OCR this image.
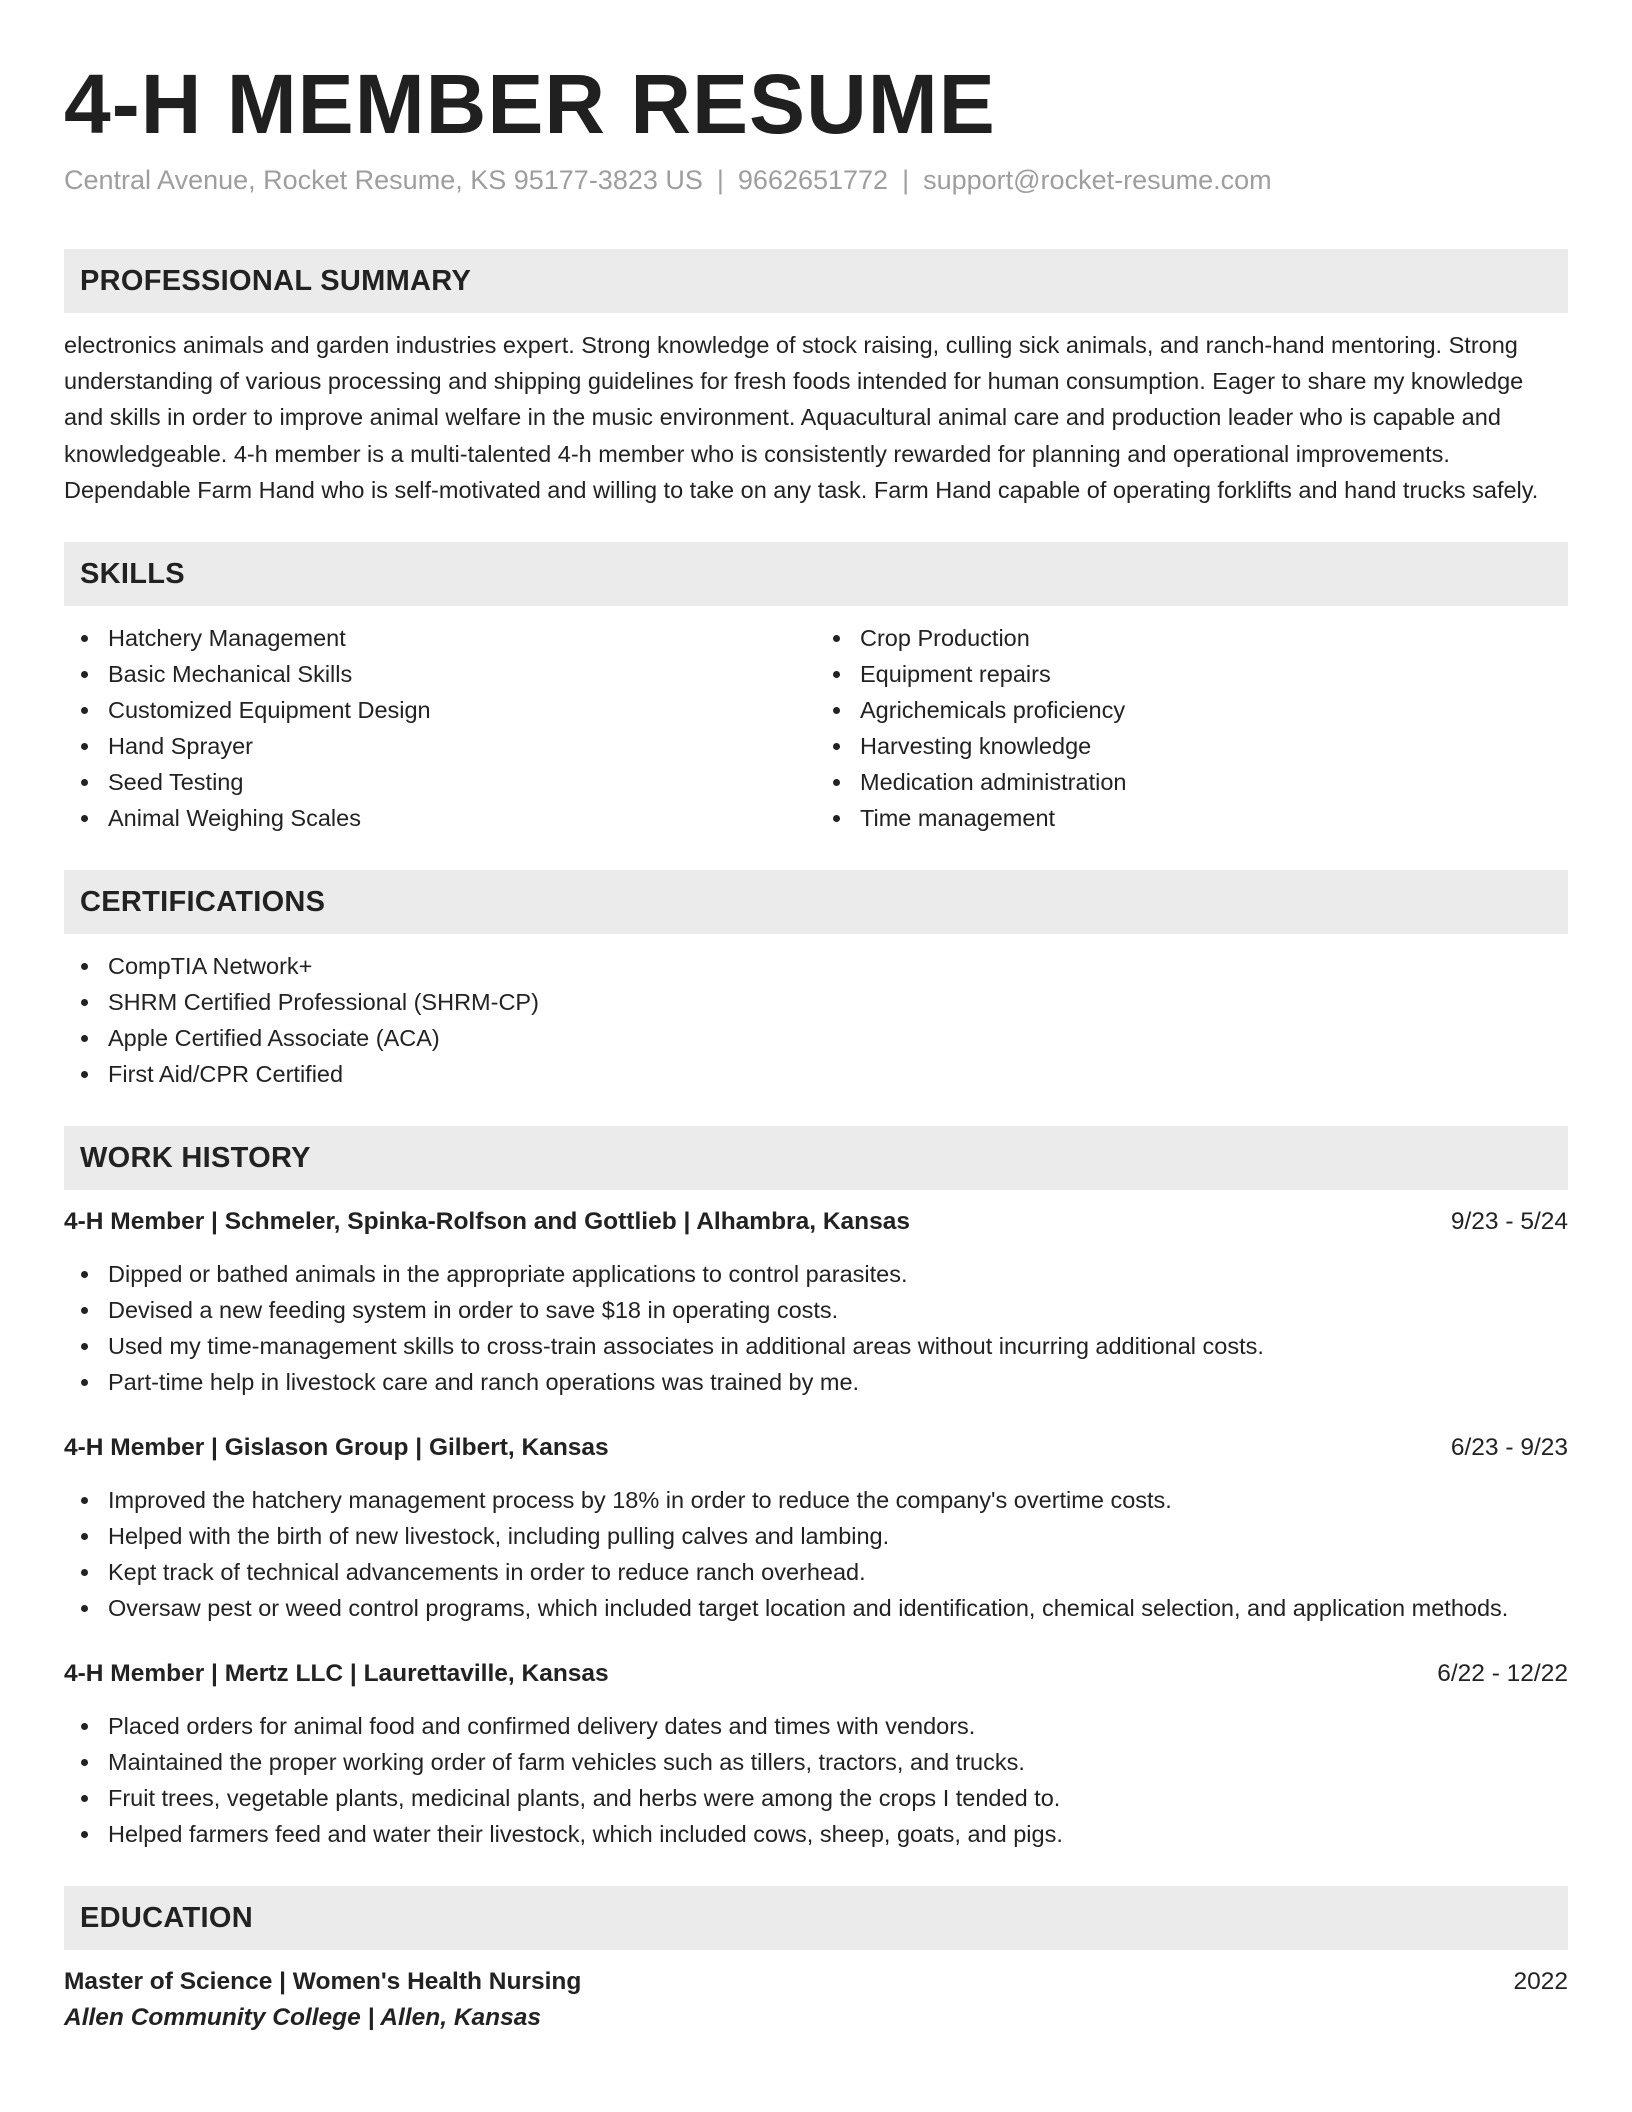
4-H MEMBER RESUME
Central Avenue, Rocket Resume, KS 95177-3823 US | 9662651772 | support@rocket-resume.com
PROFESSIONAL SUMMARY
electronics animals and garden industries expert. Strong knowledge of stock raising, culling sick animals, and ranch-hand mentoring. Strong understanding of various processing and shipping guidelines for fresh foods intended for human consumption. Eager to share my knowledge and skills in order to improve animal welfare in the music environment. Aquacultural animal care and production leader who is capable and knowledgeable. 4-h member is a multi-talented 4-h member who is consistently rewarded for planning and operational improvements. Dependable Farm Hand who is self-motivated and willing to take on any task. Farm Hand capable of operating forklifts and hand trucks safely.
SKILLS
Hatchery Management
Basic Mechanical Skills
Customized Equipment Design
Hand Sprayer
Seed Testing
Animal Weighing Scales
Crop Production
Equipment repairs
Agrichemicals proficiency
Harvesting knowledge
Medication administration
Time management
CERTIFICATIONS
CompTIA Network+
SHRM Certified Professional (SHRM-CP)
Apple Certified Associate (ACA)
First Aid/CPR Certified
WORK HISTORY
4-H Member | Schmeler, Spinka-Rolfson and Gottlieb | Alhambra, Kansas	9/23 - 5/24
Dipped or bathed animals in the appropriate applications to control parasites.
Devised a new feeding system in order to save $18 in operating costs.
Used my time-management skills to cross-train associates in additional areas without incurring additional costs.
Part-time help in livestock care and ranch operations was trained by me.
4-H Member | Gislason Group | Gilbert, Kansas	6/23 - 9/23
Improved the hatchery management process by 18% in order to reduce the company's overtime costs.
Helped with the birth of new livestock, including pulling calves and lambing.
Kept track of technical advancements in order to reduce ranch overhead.
Oversaw pest or weed control programs, which included target location and identification, chemical selection, and application methods.
4-H Member | Mertz LLC | Laurettaville, Kansas	6/22 - 12/22
Placed orders for animal food and confirmed delivery dates and times with vendors.
Maintained the proper working order of farm vehicles such as tillers, tractors, and trucks.
Fruit trees, vegetable plants, medicinal plants, and herbs were among the crops I tended to.
Helped farmers feed and water their livestock, which included cows, sheep, goats, and pigs.
EDUCATION
Master of Science | Women's Health Nursing	2022
Allen Community College | Allen, Kansas
